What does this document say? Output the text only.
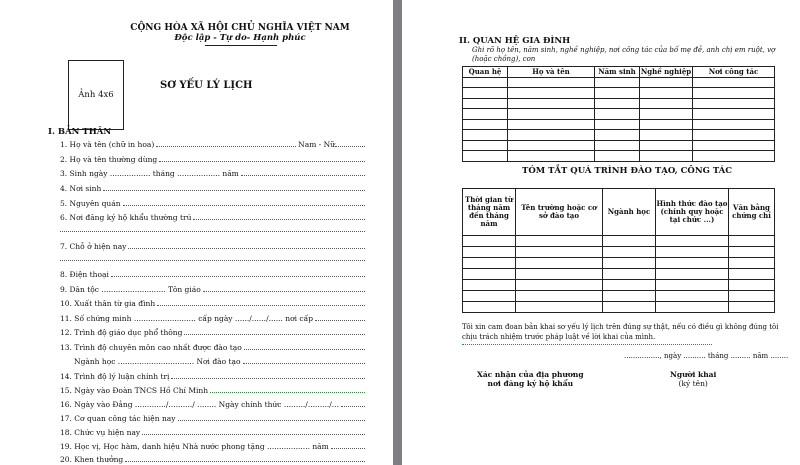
CỘNG HÒA XÃ HỘI CHỦ NGHĨA VIỆT NAM
Độc lập - Tự do- Hạnh phúc
Ảnh 4x6
SƠ YẾU LÝ LỊCH
I. BẢN THÂN
1. Họ và tên (chữ in hoa)	Nam - Nữ
2. Họ và tên thường dùng
3. Sinh ngày ................. tháng .................. năm
4. Nơi sinh
5. Nguyên quán
6. Nơi đăng ký hộ khẩu thường trú
7. Chỗ ở hiện nay
8. Điện thoại
9. Dân tộc ........................... Tôn giáo
10. Xuất thân từ gia đình
11. Số chứng minh .......................... cấp ngày ....../....../...... nơi cấp
12. Trình độ giáo dục phổ thông
13. Trình độ chuyên môn cao nhất được đào tạo
Ngành học ................................ Nơi đào tạo
14. Trình độ lý luận chính trị
15. Ngày vào Đoàn TNCS Hồ Chí Minh
16. Ngày vào Đảng ............./........../ ........ Ngày chính thức ........./........./...
17. Cơ quan công tác hiện nay
18. Chức vụ hiện nay
19. Học vị, Học hàm, danh hiệu Nhà nước phong tặng .................. năm
20. Khen thưởng
II. QUAN HỆ GIA ĐÌNH
Ghi rõ họ tên, năm sinh, nghề nghiệp, nơi công tác của bố mẹ đẻ, anh chị em ruột, vợ (hoặc chồng), con
Quan hệ	Họ và tên	Năm sinh	Nghề nghiệp	Nơi công tác

TÓM TẮT QUÁ TRÌNH ĐÀO TẠO, CÔNG TÁC
Thời gian từ tháng năm đến tháng năm	Tên trường hoặc cơ sở đào tạo	Ngành học	Hình thức đào tạo (chính quy hoặc tại chức ...)	Văn bằng chứng chỉ

Tôi xin cam đoan bản khai sơ yếu lý lịch trên đúng sự thật, nếu có điều gì không đúng tôi chịu trách nhiệm trước pháp luật về lời khai của mình.
................, ngày .......... tháng ......... năm ........
Xác nhận của địa phương
nơi đăng ký hộ khẩu
Người khai
(ký tên)
